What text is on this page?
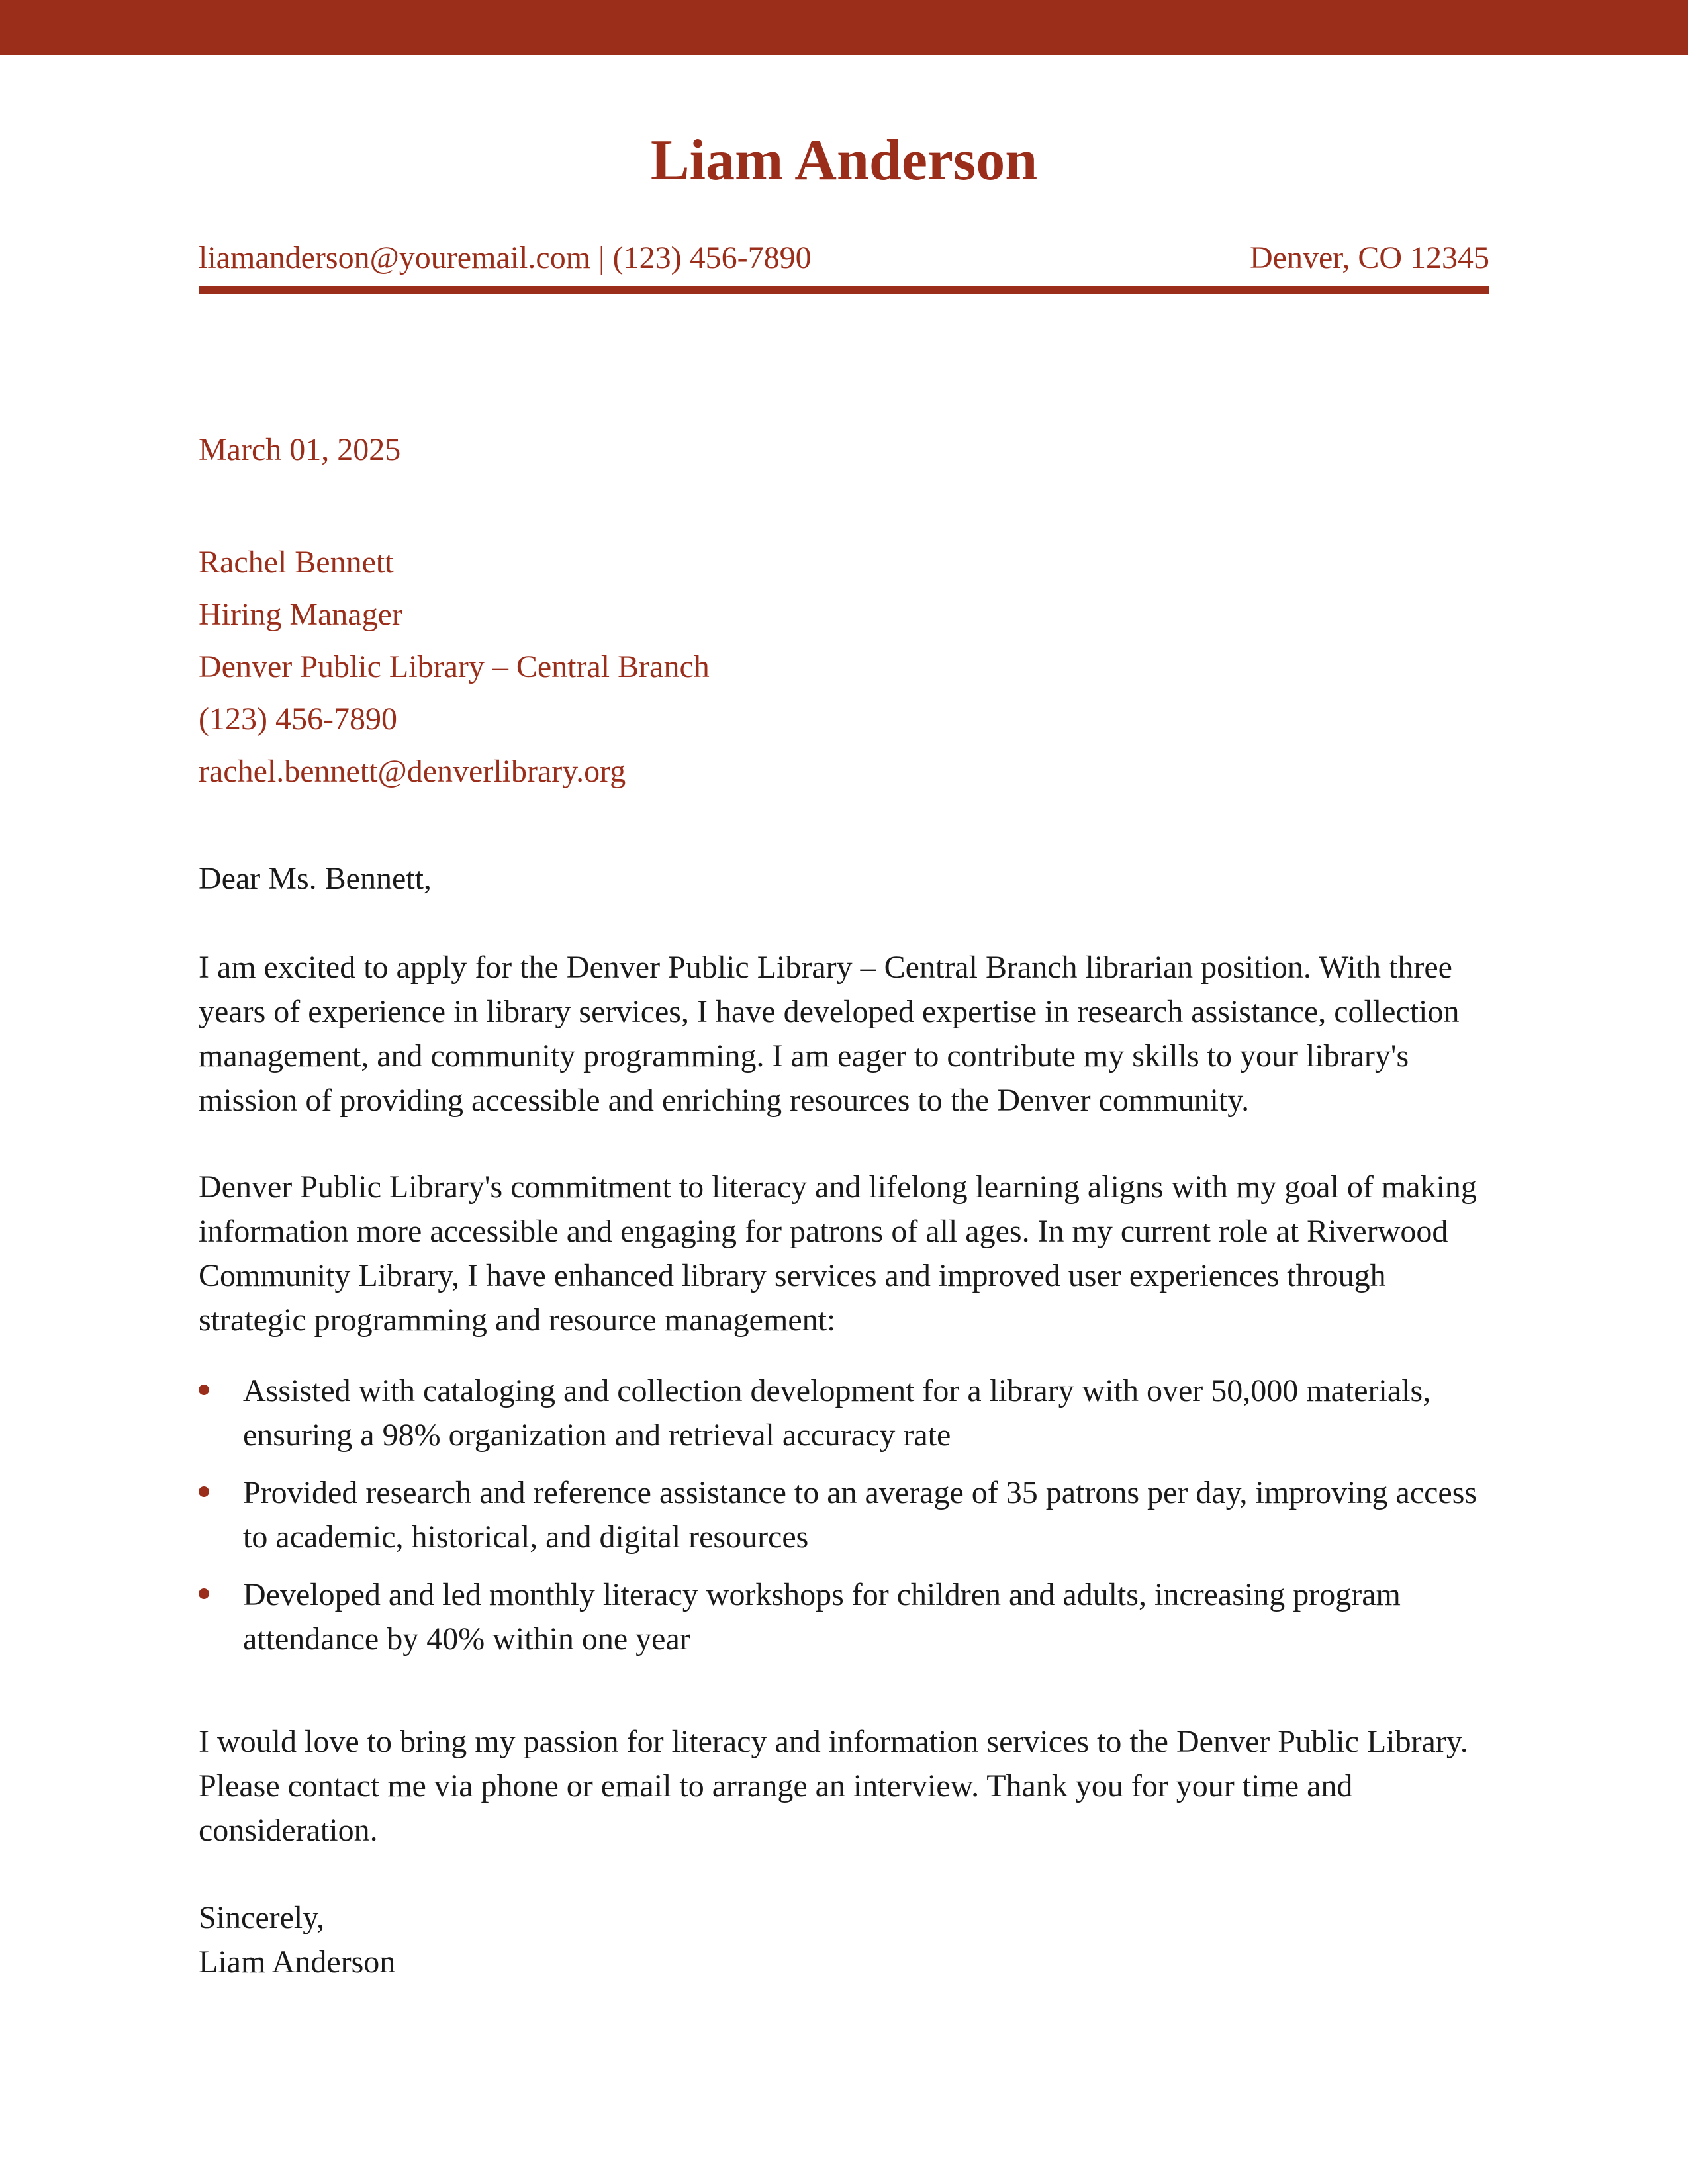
Liam Anderson
liamanderson@youremail.com | (123) 456-7890	Denver, CO 12345
March 01, 2025
Rachel Bennett
Hiring Manager
Denver Public Library – Central Branch
(123) 456-7890
rachel.bennett@denverlibrary.org
Dear Ms. Bennett,
I am excited to apply for the Denver Public Library – Central Branch librarian position. With three years of experience in library services, I have developed expertise in research assistance, collection management, and community programming. I am eager to contribute my skills to your library's mission of providing accessible and enriching resources to the Denver community.
Denver Public Library's commitment to literacy and lifelong learning aligns with my goal of making information more accessible and engaging for patrons of all ages. In my current role at Riverwood Community Library, I have enhanced library services and improved user experiences through strategic programming and resource management:
Assisted with cataloging and collection development for a library with over 50,000 materials, ensuring a 98% organization and retrieval accuracy rate
Provided research and reference assistance to an average of 35 patrons per day, improving access to academic, historical, and digital resources
Developed and led monthly literacy workshops for children and adults, increasing program attendance by 40% within one year
I would love to bring my passion for literacy and information services to the Denver Public Library. Please contact me via phone or email to arrange an interview. Thank you for your time and consideration.
Sincerely,
Liam Anderson
